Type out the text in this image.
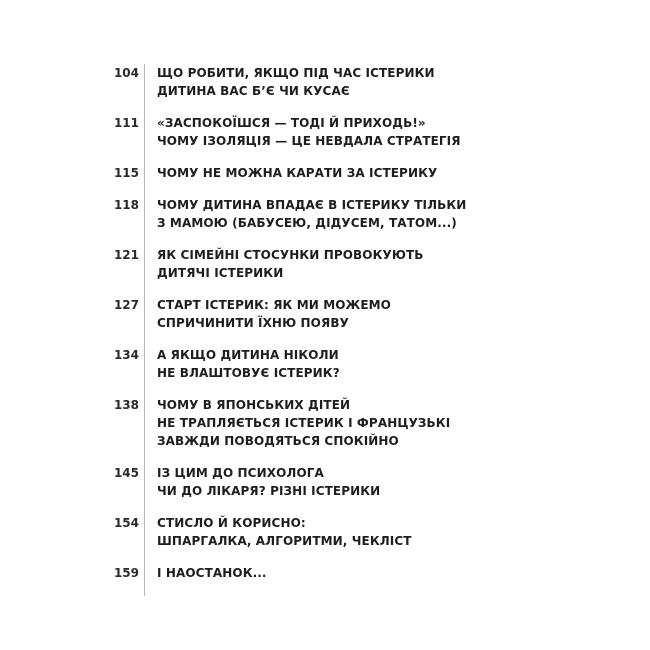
104 ЩО РОБИТИ, ЯКЩО ПІД ЧАС ІСТЕРИКИ
ДИТИНА ВАС Б’Є ЧИ КУСАЄ
111 «ЗАСПОКОЇШСЯ — ТОДІ Й ПРИХОДЬ!»
ЧОМУ ІЗОЛЯЦІЯ — ЦЕ НЕВДАЛА СТРАТЕГІЯ
115 ЧОМУ НЕ МОЖНА КАРАТИ ЗА ІСТЕРИКУ
118 ЧОМУ ДИТИНА ВПАДАЄ В ІСТЕРИКУ ТІЛЬКИ
З МАМОЮ (БАБУСЕЮ, ДІДУСЕМ, ТАТОМ...)
121 ЯК СІМЕЙНІ СТОСУНКИ ПРОВОКУЮТЬ
ДИТЯЧІ ІСТЕРИКИ
127 СТАРТ ІСТЕРИК: ЯК МИ МОЖЕМО
СПРИЧИНИТИ ЇХНЮ ПОЯВУ
134 А ЯКЩО ДИТИНА НІКОЛИ
НЕ ВЛАШТОВУЄ ІСТЕРИК?
138 ЧОМУ В ЯПОНСЬКИХ ДІТЕЙ
НЕ ТРАПЛЯЄТЬСЯ ІСТЕРИК І ФРАНЦУЗЬКІ
ЗАВЖДИ ПОВОДЯТЬСЯ СПОКІЙНО
145 ІЗ ЦИМ ДО ПСИХОЛОГА
ЧИ ДО ЛІКАРЯ? РІЗНІ ІСТЕРИКИ
154 СТИСЛО Й КОРИСНО:
ШПАРГАЛКА, АЛГОРИТМИ, ЧЕКЛІСТ
159 І НАОСТАНОК...
